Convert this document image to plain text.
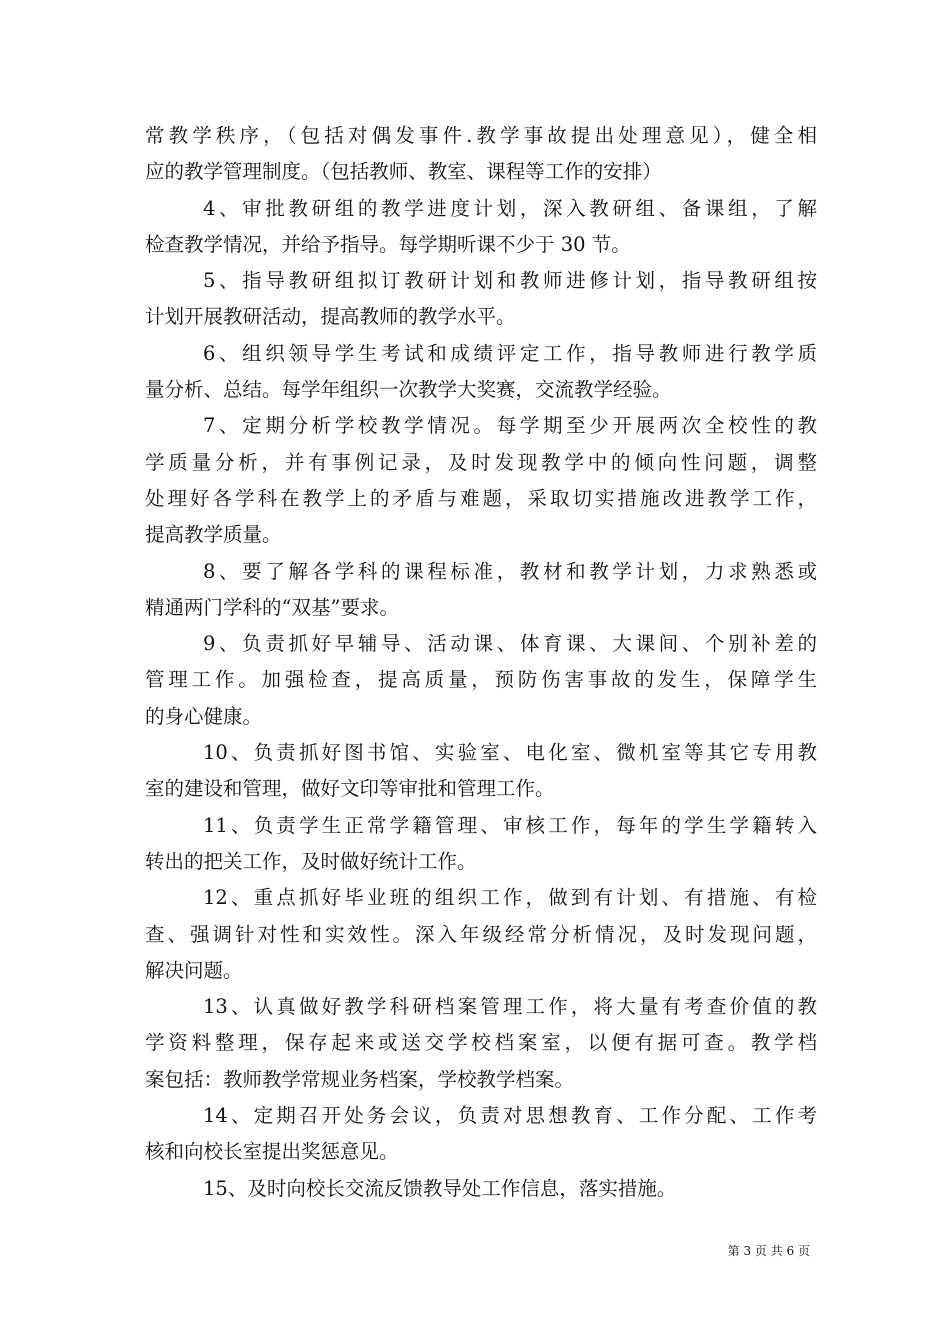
常教学秩序，（包括对偶发事件.教学事故提出处理意见），健全相
应的教学管理制度。（包括教师、教室、课程等工作的安排）
4、审批教研组的教学进度计划，深入教研组、备课组，了解
检查教学情况，并给予指导。每学期听课不少于 30 节。
5、指导教研组拟订教研计划和教师进修计划，指导教研组按
计划开展教研活动，提高教师的教学水平。
6、组织领导学生考试和成绩评定工作，指导教师进行教学质
量分析、总结。每学年组织一次教学大奖赛，交流教学经验。
7、定期分析学校教学情况。每学期至少开展两次全校性的教
学质量分析，并有事例记录，及时发现教学中的倾向性问题，调整
处理好各学科在教学上的矛盾与难题，采取切实措施改进教学工作，
提高教学质量。
8、要了解各学科的课程标准，教材和教学计划，力求熟悉或
精通两门学科的“双基”要求。
9、负责抓好早辅导、活动课、体育课、大课间、个别补差的
管理工作。加强检查，提高质量，预防伤害事故的发生，保障学生
的身心健康。
10、负责抓好图书馆、实验室、电化室、微机室等其它专用教
室的建设和管理，做好文印等审批和管理工作。
11、负责学生正常学籍管理、审核工作，每年的学生学籍转入
转出的把关工作，及时做好统计工作。
12、重点抓好毕业班的组织工作，做到有计划、有措施、有检
查、强调针对性和实效性。深入年级经常分析情况，及时发现问题，
解决问题。
13、认真做好教学科研档案管理工作，将大量有考查价值的教
学资料整理，保存起来或送交学校档案室，以便有据可查。教学档
案包括：教师教学常规业务档案，学校教学档案。
14、定期召开处务会议，负责对思想教育、工作分配、工作考
核和向校长室提出奖惩意见。
15、及时向校长交流反馈教导处工作信息，落实措施。
第 3 页 共 6 页
